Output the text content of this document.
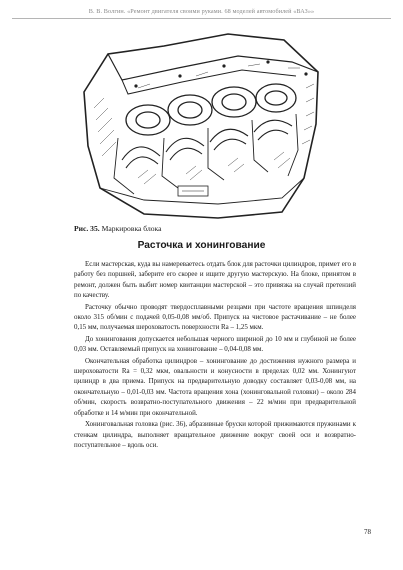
В. В. Волгин. «Ремонт двигателя своими руками. 68 моделей автомобилей «ВАЗ»»
Рис. 35. Маркировка блока
Расточка и хонингование

Если мастерская, куда вы намереваетесь отдать блок для расточки цилиндров, примет его в работу без поршней, заберите его скорее и ищите другую мастерскую. На блоке, принятом в ремонт, должен быть выбит номер квитанции мастерской – это привязка на случай претензий по качеству.

Расточку обычно проводят твердосплавными резцами при частоте вращения шпинделя около 315 об/мин с подачей 0,05-0,08 мм/об. Припуск на чистовое растачивание – не более 0,15 мм, получаемая шероховатость поверхности Ra – 1,25 мкм.

До хонингования допускается небольшая черного шириной до 10 мм и глубиной не более 0,03 мм. Оставляемый припуск на хонингование – 0,04-0,08 мм.

Окончательная обработка цилиндров – хонингование до достижения нужного размера и шероховатости Ra = 0,32 мкм, овальности и конусности в пределах 0,02 мм. Хонингуют цилиндр в два приема. Припуск на предварительную доводку составляет 0,03-0,08 мм, на окончательную – 0,01-0,03 мм. Частота вращения хона (хонинговальной головки) – около 284 об/мин, скорость возвратно-поступательного движения – 22 м/мин при предварительной обработке и 14 м/мин при окончательной.

Хонинговальная головка (рис. 36), абразивные бруски которой прижимаются пружинами к стенкам цилиндра, выполняет вращательное движение вокруг своей оси и возвратно-поступательное – вдоль оси.

78
